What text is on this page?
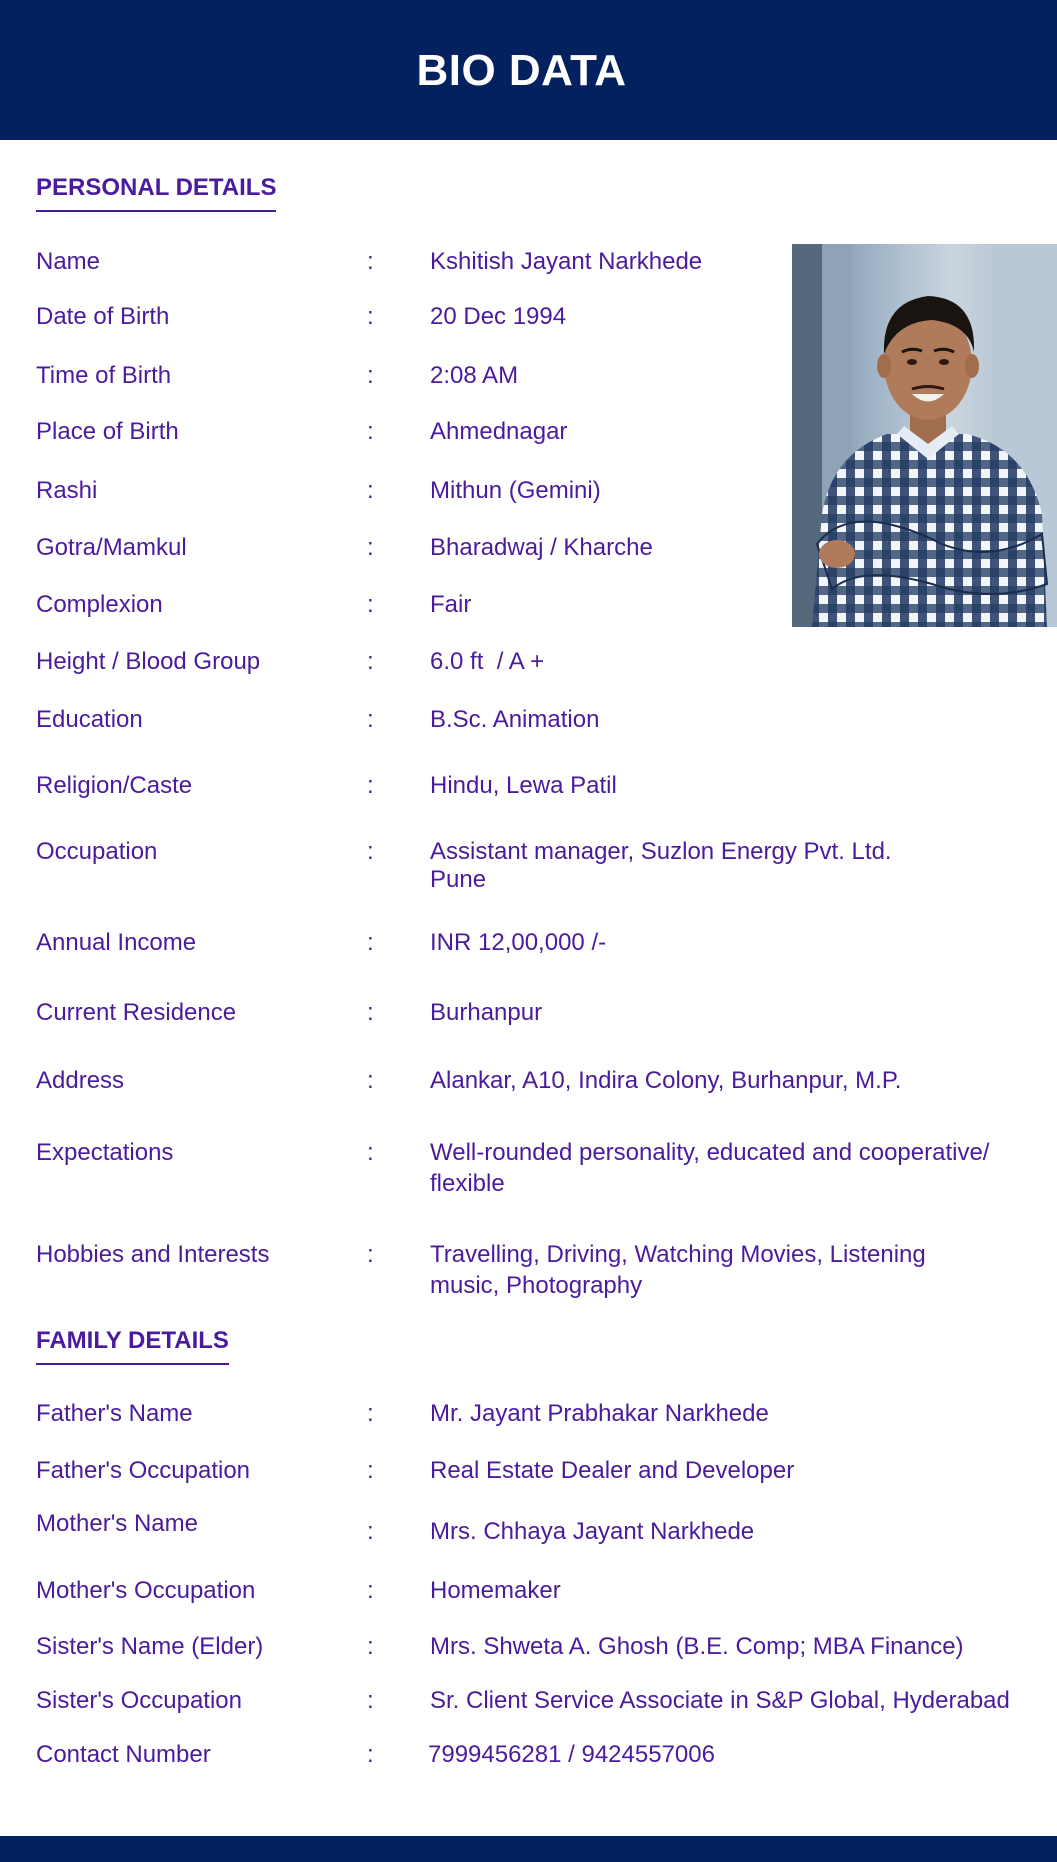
BIO DATA
PERSONAL DETAILS
Name	: Kshitish Jayant Narkhede
Date of Birth	: 20 Dec 1994
Time of Birth	: 2:08 AM
Place of Birth	: Ahmednagar
Rashi	: Mithun (Gemini)
Gotra/Mamkul	: Bharadwaj / Kharche
Complexion	: Fair
Height / Blood Group	: 6.0 ft  / A +
Education	: B.Sc. Animation
Religion/Caste	: Hindu, Lewa Patil
Occupation	: Assistant manager, Suzlon Energy Pvt. Ltd.
Pune
Annual Income	: INR 12,00,000 /-
Current Residence	: Burhanpur
Address	: Alankar, A10, Indira Colony, Burhanpur, M.P.
Expectations	: Well-rounded personality, educated and cooperative/
flexible
Hobbies and Interests	: Travelling, Driving, Watching Movies, Listening
music, Photography
FAMILY DETAILS
Father's Name	: Mr. Jayant Prabhakar Narkhede
Father's Occupation	: Real Estate Dealer and Developer
Mother's Name	: Mrs. Chhaya Jayant Narkhede
Mother's Occupation	: Homemaker
Sister's Name (Elder)	: Mrs. Shweta A. Ghosh (B.E. Comp; MBA Finance)
Sister's Occupation	: Sr. Client Service Associate in S&P Global, Hyderabad
Contact Number	: 7999456281 / 9424557006
